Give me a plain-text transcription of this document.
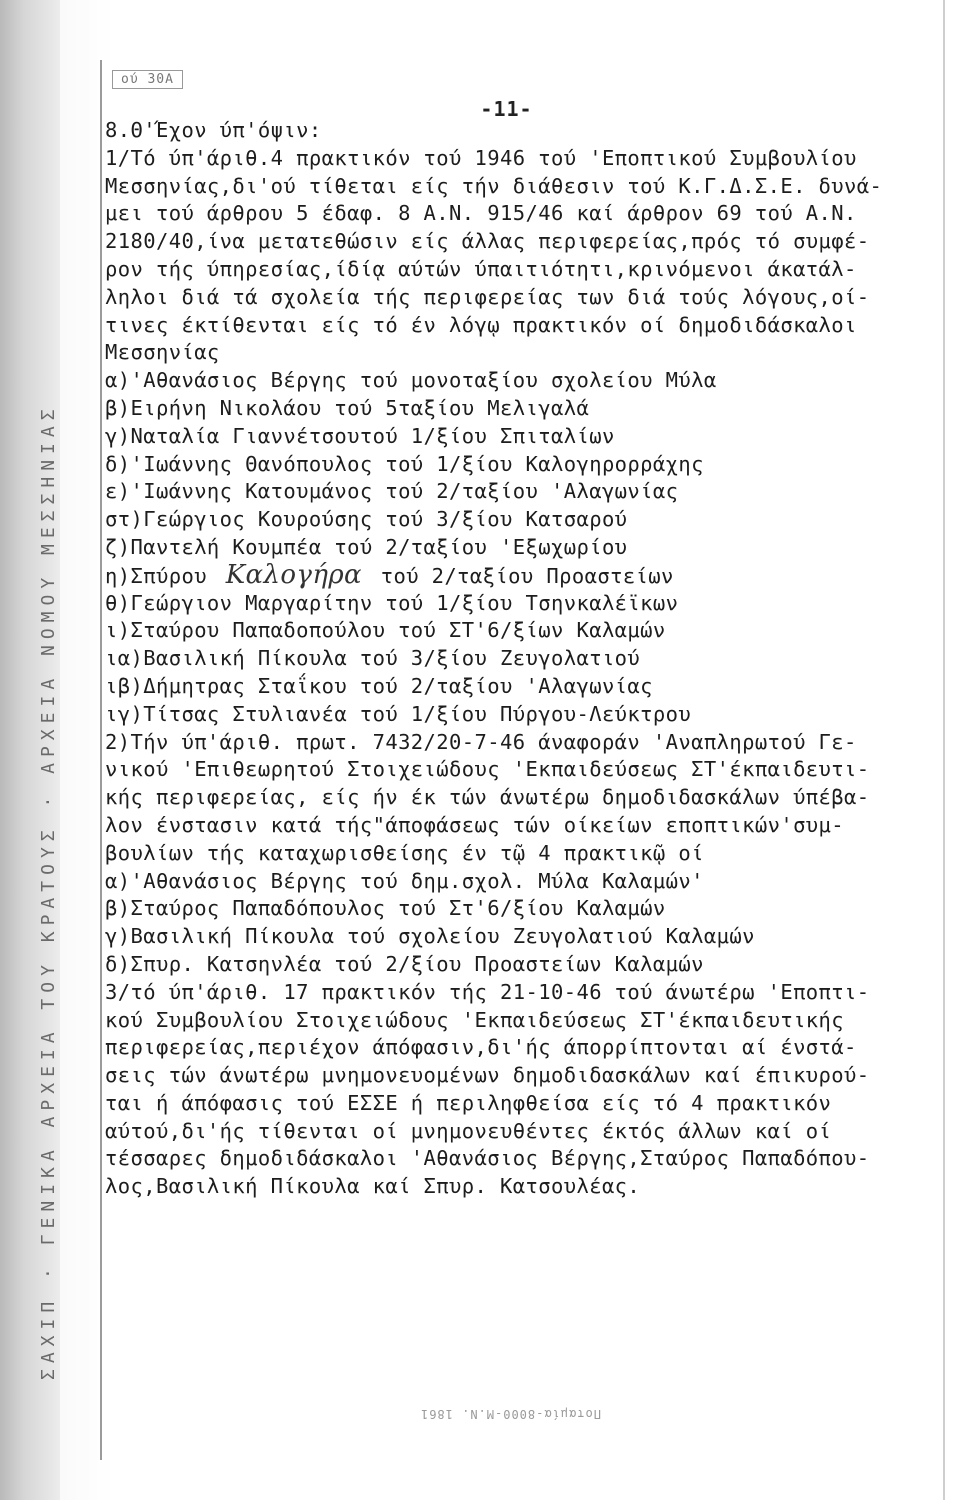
ΣΑΧΙΠ · ΓΕΝΙΚΑ ΑΡΧΕΙΑ ΤΟΥ ΚΡΑΤΟΥΣ · ΑΡΧΕΙΑ ΝΟΜΟΥ ΜΕΣΣΗΝΙΑΣ
ού 30Α
-11-
8.Θ'Έχον ύπ'όψιν:
1/Τό ύπ'άριθ.4 πρακτικόν τού 1946 τού 'Εποπτικού Συμβουλίου
Μεσσηνίας,δι'ού τίθεται είς τήν διάθεσιν τού Κ.Γ.Δ.Σ.Ε. δυνά-
μει τού άρθρου 5 έδαφ. 8 Α.Ν. 915/46 καί άρθρον 69 τού Α.Ν.
2180/40,ίνα μετατεθώσιν είς άλλας περιφερείας,πρός τό συμφέ-
ρον τής ύπηρεσίας,ίδίᾳ αύτών ύπαιτιότητι,κρινόμενοι άκατάλ-
ληλοι διά τά σχολεία τής περιφερείας των διά τούς λόγους,οί-
τινες έκτίθενται είς τό έν λόγῳ πρακτικόν οί δημοδιδάσκαλοι
Μεσσηνίας
α)'Αθανάσιος Βέργης τού μονοταξίου σχολείου Μύλα
β)Ειρήνη Νικολάου τού 5ταξίου Μελιγαλά
γ)Ναταλία Γιαννέτσουτού 1/ξίου Σπιταλίων
δ)'Ιωάννης Θανόπουλος τού 1/ξίου Καλογηρορράχης
ε)'Ιωάννης Κατουμάνος τού 2/ταξίου 'Αλαγωνίας
στ)Γεώργιος Κουρούσης τού 3/ξίου Κατσαρού
ζ)Παντελή Κουμπέα τού 2/ταξίου 'Εξωχωρίου
η)Σπύρου Καλογήρα τού 2/ταξίου Προαστείων
θ)Γεώργιον Μαργαρίτην τού 1/ξίου Τσηνκαλέϊκων
ι)Σταύρου Παπαδοπούλου τού ΣΤ'6/ξίων Καλαμών
ια)Βασιλική Πίκουλα τού 3/ξίου Ζευγολατιού
ιβ)Δήμητρας Σταΐκου τού 2/ταξίου 'Αλαγωνίας
ιγ)Τίτσας Στυλιανέα τού 1/ξίου Πύργου-Λεύκτρου
2)Τήν ύπ'άριθ. πρωτ. 7432/20-7-46 άναφοράν 'Αναπληρωτού Γε-
νικού 'Επιθεωρητού Στοιχειώδους 'Εκπαιδεύσεως ΣΤ'έκπαιδευτι-
κής περιφερείας, είς ήν έκ τών άνωτέρω δημοδιδασκάλων ύπέβα-
λον ένστασιν κατά τής"άποφάσεως τών οίκείων εποπτικών'συμ-
βουλίων τής καταχωρισθείσης έν τῷ 4 πρακτικῷ οί
α)'Αθανάσιος Βέργης τού δημ.σχολ. Μύλα Καλαμών'
β)Σταύρος Παπαδόπουλος τού Στ'6/ξίου Καλαμών
γ)Βασιλική Πίκουλα τού σχολείου Ζευγολατιού Καλαμών
δ)Σπυρ. Κατσηνλέα τού 2/ξίου Προαστείων Καλαμών
3/τό ύπ'άριθ. 17 πρακτικόν τής 21-10-46 τού άνωτέρω 'Εποπτι-
κού Συμβουλίου Στοιχειώδους 'Εκπαιδεύσεως ΣΤ'έκπαιδευτικής
περιφερείας,περιέχον άπόφασιν,δι'ής άπορρίπτονται αί ένστά-
σεις τών άνωτέρω μνημονευομένων δημοδιδασκάλων καί έπικυρού-
ται ή άπόφασις τού ΕΣΣΕ ή περιληφθείσα είς τό 4 πρακτικόν
αύτού,δι'ής τίθενται οί μνημονευθέντες έκτός άλλων καί οί
τέσσαρες δημοδιδάσκαλοι 'Αθανάσιος Βέργης,Σταύρος Παπαδόπου-
λος,Βασιλική Πίκουλα καί Σπυρ. Κατσουλέας.
Ποταμία-8000-Μ.Ν. 1861
